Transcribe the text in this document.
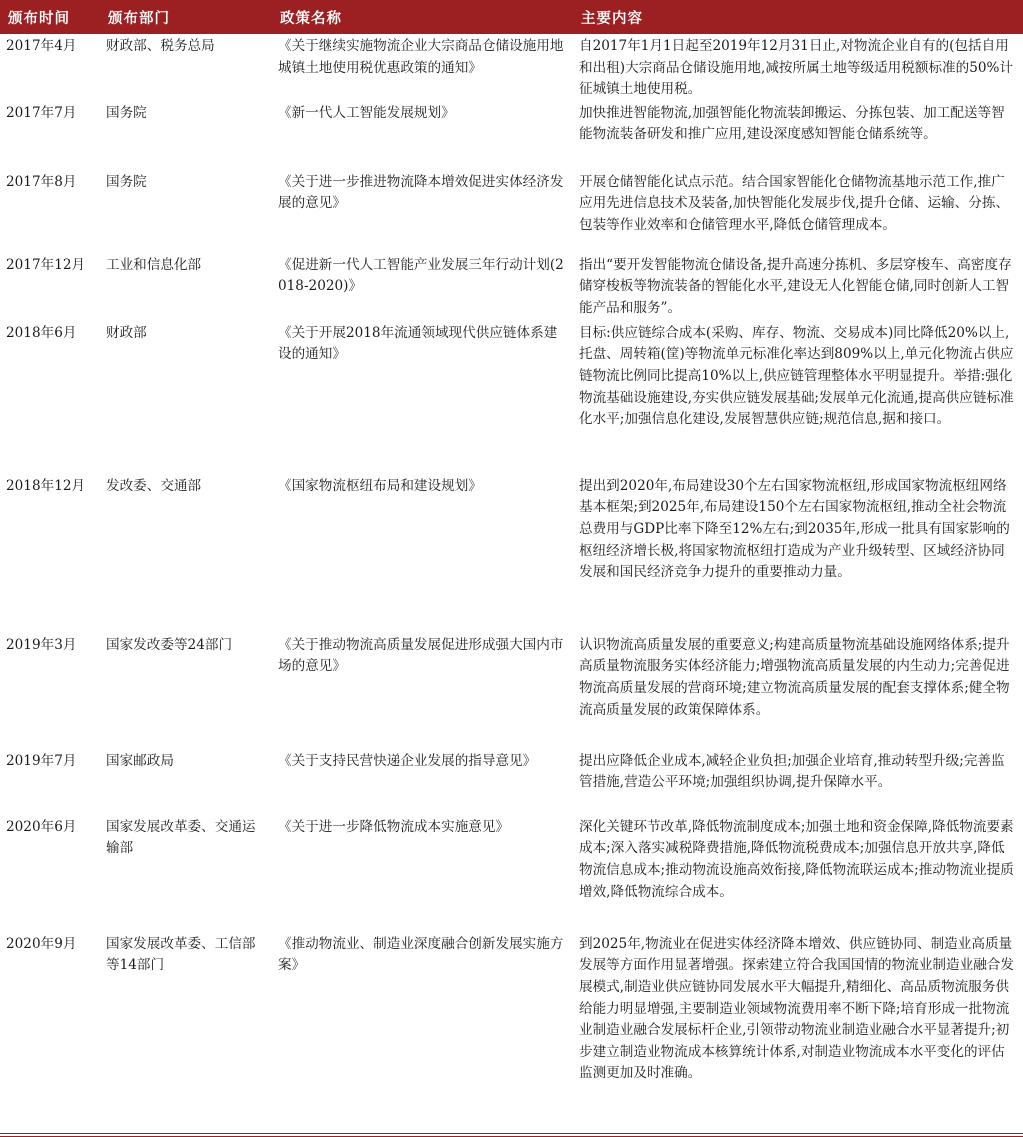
颁布时间	颁布部门	政策名称	主要内容
2017年4月	财政部、税务总局	《关于继续实施物流企业大宗商品仓储设施用地城镇土地使用税优惠政策的通知》	自2017年1月1日起至2019年12月31日止,对物流企业自有的(包括自用和出租)大宗商品仓储设施用地,减按所属土地等级适用税额标准的50%计征城镇土地使用税。
2017年7月	国务院	《新一代人工智能发展规划》	加快推进智能物流,加强智能化物流装卸搬运、分拣包装、加工配送等智能物流装备研发和推广应用,建设深度感知智能仓储系统等。
2017年8月	国务院	《关于进一步推进物流降本增效促进实体经济发展的意见》	开展仓储智能化试点示范。结合国家智能化仓储物流基地示范工作,推广应用先进信息技术及装备,加快智能化发展步伐,提升仓储、运输、分拣、包装等作业效率和仓储管理水平,降低仓储管理成本。
2017年12月	工业和信息化部	《促进新一代人工智能产业发展三年行动计划(2018-2020)》	指出“要开发智能物流仓储设备,提升高速分拣机、多层穿梭车、高密度存储穿梭板等物流装备的智能化水平,建设无人化智能仓储,同时创新人工智能产品和服务”。
2018年6月	财政部	《关于开展2018年流通领域现代供应链体系建设的通知》	目标:供应链综合成本(采购、库存、物流、交易成本)同比降低20%以上,托盘、周转箱(筐)等物流单元标准化率达到809%以上,单元化物流占供应链物流比例同比提高10%以上,供应链管理整体水平明显提升。举措:强化物流基础设施建设,夯实供应链发展基础;发展单元化流通,提高供应链标准化水平;加强信息化建设,发展智慧供应链;规范信息,据和接口。
2018年12月	发改委、交通部	《国家物流枢纽布局和建设规划》	提出到2020年,布局建设30个左右国家物流枢纽,形成国家物流枢纽网络基本框架;到2025年,布局建设150个左右国家物流枢纽,推动全社会物流总费用与GDP比率下降至12%左右;到2035年,形成一批具有国家影响的枢纽经济增长极,将国家物流枢纽打造成为产业升级转型、区域经济协同发展和国民经济竞争力提升的重要推动力量。
2019年3月	国家发改委等24部门	《关于推动物流高质量发展促进形成强大国内市场的意见》	认识物流高质量发展的重要意义;构建高质量物流基础设施网络体系;提升高质量物流服务实体经济能力;增强物流高质量发展的内生动力;完善促进物流高质量发展的营商环境;建立物流高质量发展的配套支撑体系;健全物流高质量发展的政策保障体系。
2019年7月	国家邮政局	《关于支持民营快递企业发展的指导意见》	提出应降低企业成本,减轻企业负担;加强企业培育,推动转型升级;完善监管措施,营造公平环境;加强组织协调,提升保障水平。
2020年6月	国家发展改革委、交通运输部	《关于进一步降低物流成本实施意见》	深化关键环节改革,降低物流制度成本;加强土地和资金保障,降低物流要素成本;深入落实减税降费措施,降低物流税费成本;加强信息开放共享,降低物流信息成本;推动物流设施高效衔接,降低物流联运成本;推动物流业提质增效,降低物流综合成本。
2020年9月	国家发展改革委、工信部等14部门	《推动物流业、制造业深度融合创新发展实施方案》	到2025年,物流业在促进实体经济降本增效、供应链协同、制造业高质量发展等方面作用显著增强。探索建立符合我国国情的物流业制造业融合发展模式,制造业供应链协同发展水平大幅提升,精细化、高品质物流服务供给能力明显增强,主要制造业领域物流费用率不断下降;培育形成一批物流业制造业融合发展标杆企业,引领带动物流业制造业融合水平显著提升;初步建立制造业物流成本核算统计体系,对制造业物流成本水平变化的评估监测更加及时准确。
